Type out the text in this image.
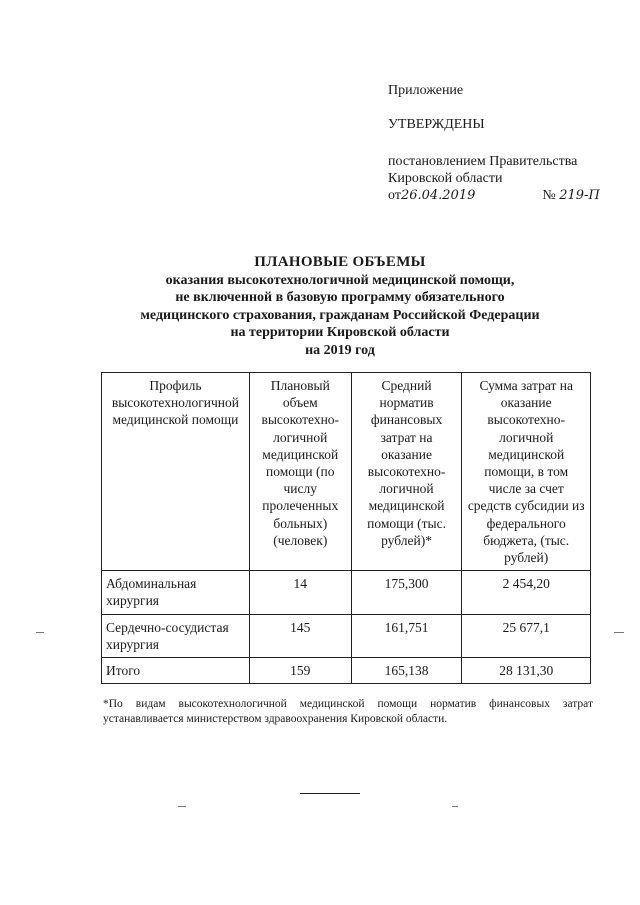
Приложение
УТВЕРЖДЕНЫ
постановлением Правительства
Кировской области
от26.04.2019	№ 219-П
ПЛАНОВЫЕ ОБЪЕМЫ
оказания высокотехнологичной медицинской помощи,
не включенной в базовую программу обязательного
медицинского страхования, гражданам Российской Федерации
на территории Кировской области
на 2019 год
Профиль высокотехнологичной медицинской помощи	Плановый объем высокотехно-логичной медицинской помощи (по числу пролеченных больных) (человек)	Средний норматив финансовых затрат на оказание высокотехно-логичной медицинской помощи (тыс. рублей)*	Сумма затрат на оказание высокотехно-логичной медицинской помощи, в том числе за счет средств субсидии из федерального бюджета, (тыс. рублей)
Абдоминальная хирургия	14	175,300	2 454,20
Сердечно-сосудистая хирургия	145	161,751	25 677,1
Итого	159	165,138	28 131,30
*По видам высокотехнологичной медицинской помощи норматив финансовых затрат устанавливается министерством здравоохранения Кировской области.
